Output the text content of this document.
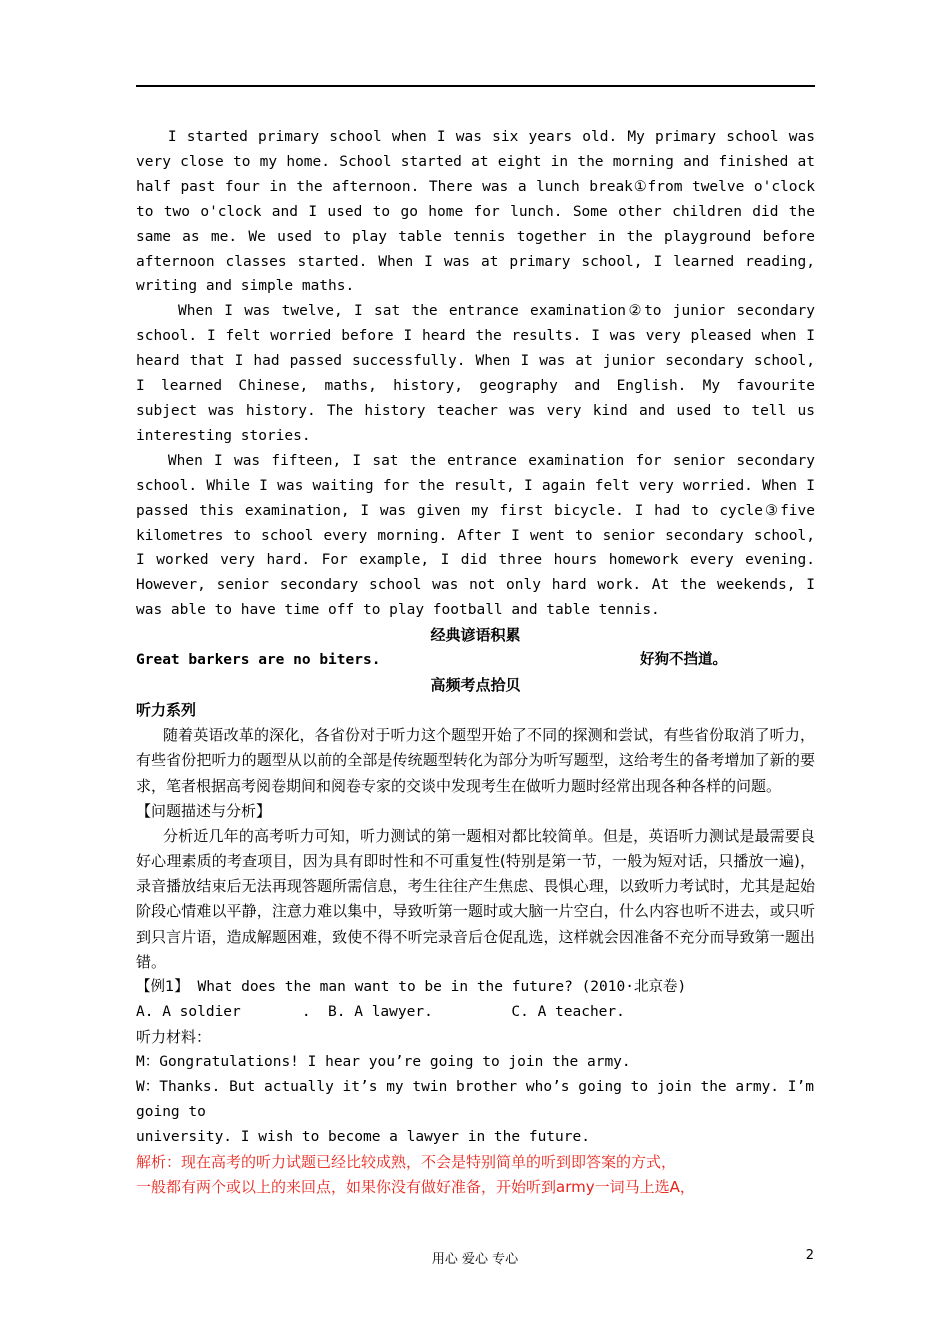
I started primary school when I was six years old. My primary school was very close to my home. School started at eight in the morning and finished at half past four in the afternoon. There was a lunch break①from twelve o'clock to two o'clock and I used to go home for lunch. Some other children did the same as me. We used to play table tennis together in the playground before afternoon classes started. When I was at primary school, I learned reading, writing and simple maths.

When I was twelve, I sat the entrance examination②to junior secondary school. I felt worried before I heard the results. I was very pleased when I heard that I had passed successfully. When I was at junior secondary school, I learned Chinese, maths, history, geography and English. My favourite subject was history. The history teacher was very kind and used to tell us interesting stories.

When I was fifteen, I sat the entrance examination for senior secondary school. While I was waiting for the result, I again felt very worried. When I passed this examination, I was given my first bicycle. I had to cycle③five kilometres to school every morning. After I went to senior secondary school, I worked very hard. For example, I did three hours homework every evening. However, senior secondary school was not only hard work. At the weekends, I was able to have time off to play football and table tennis.

经典谚语积累

Great barkers are no biters.	好狗不挡道。

高频考点拾贝

听力系列

随着英语改革的深化，各省份对于听力这个题型开始了不同的探测和尝试，有些省份取消了听力，有些省份把听力的题型从以前的全部是传统题型转化为部分为听写题型，这给考生的备考增加了新的要求，笔者根据高考阅卷期间和阅卷专家的交谈中发现考生在做听力题时经常出现各种各样的问题。

【问题描述与分析】

分析近几年的高考听力可知，听力测试的第一题相对都比较简单。但是，英语听力测试是最需要良好心理素质的考查项目，因为具有即时性和不可重复性(特别是第一节，一般为短对话，只播放一遍)，录音播放结束后无法再现答题所需信息，考生往往产生焦虑、畏惧心理，以致听力考试时，尤其是起始阶段心情难以平静，注意力难以集中，导致听第一题时或大脑一片空白，什么内容也听不进去，或只听到只言片语，造成解题困难，致使不得不听完录音后仓促乱选，这样就会因准备不充分而导致第一题出错。

【例1】 What does the man want to be in the future? (2010·北京卷)

A. A soldier       .  B. A lawyer.         C. A teacher.

听力材料：

M：Gongratulations! I hear you’re going to join the army.

W：Thanks. But actually it’s my twin brother who’s going to join the army. I’m

going to

university. I wish to become a lawyer in the future.

解析：现在高考的听力试题已经比较成熟，不会是特别简单的听到即答案的方式，

一般都有两个或以上的来回点，如果你没有做好准备，开始听到army一词马上选A，

用心 爱心 专心	2
